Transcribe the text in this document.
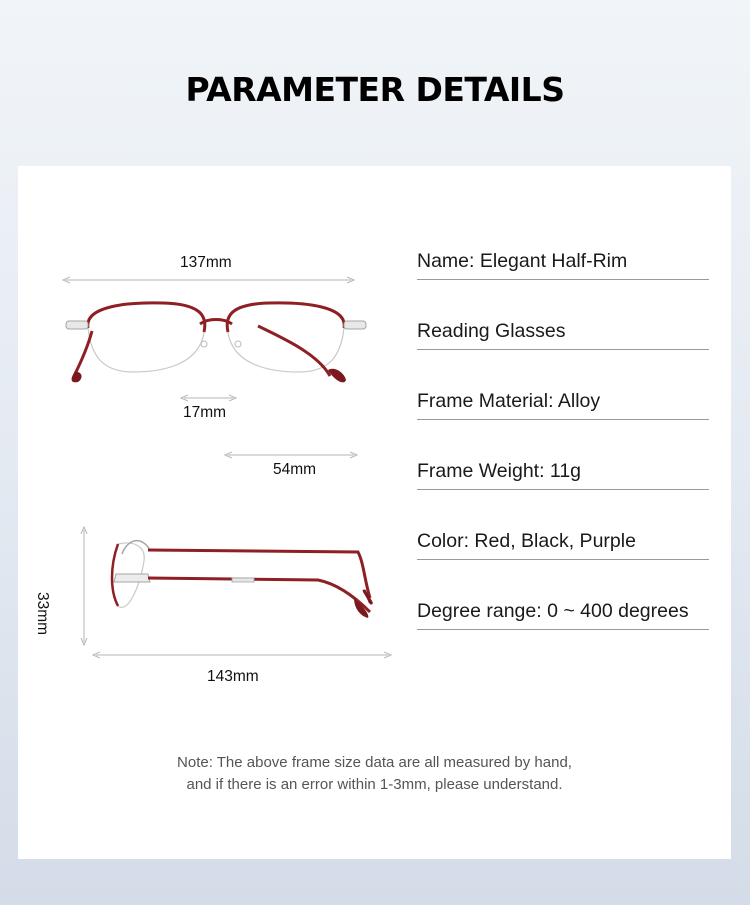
PARAMETER DETAILS
137mm
17mm
54mm
33mm
143mm
Name: Elegant Half-Rim
Reading Glasses
Frame Material: Alloy
Frame Weight: 11g
Color: Red, Black, Purple
Degree range: 0 ~ 400 degrees
Note: The above frame size data are all measured by hand,
and if there is an error within 1-3mm, please understand.
